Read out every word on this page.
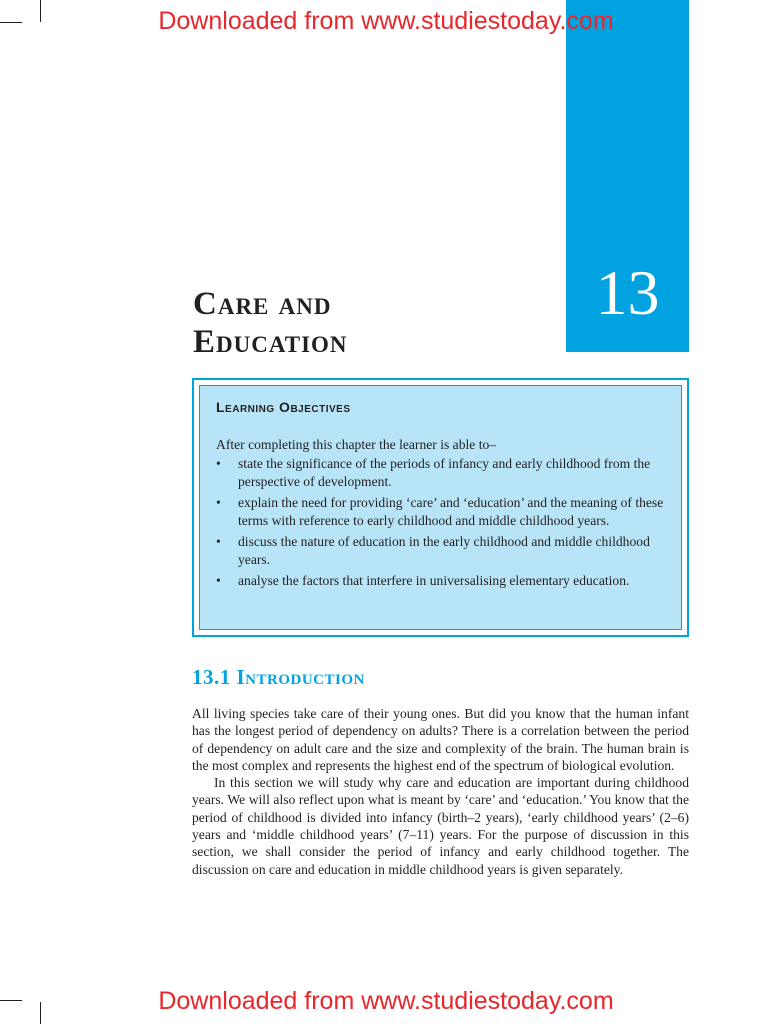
Downloaded from www.studiestoday.com
13
Care and
Education
Learning Objectives

After completing this chapter the learner is able to–

• state the significance of the periods of infancy and early childhood from the perspective of development.
• explain the need for providing ‘care’ and ‘education’ and the meaning of these terms with reference to early childhood and middle childhood years.
• discuss the nature of education in the early childhood and middle childhood years.
• analyse the factors that interfere in universalising elementary education.
13.1 Introduction

All living species take care of their young ones. But did you know that the human infant has the longest period of dependency on adults? There is a correlation between the period of dependency on adult care and the size and complexity of the brain. The human brain is the most complex and represents the highest end of the spectrum of biological evolution.

In this section we will study why care and education are important during childhood years. We will also reflect upon what is meant by ‘care’ and ‘education.’ You know that the period of childhood is divided into infancy (birth–2 years), ‘early childhood years’ (2–6) years and ‘middle childhood years’ (7–11) years. For the purpose of discussion in this section, we shall consider the period of infancy and early childhood together. The discussion on care and education in middle childhood years is given separately.

Downloaded from www.studiestoday.com
